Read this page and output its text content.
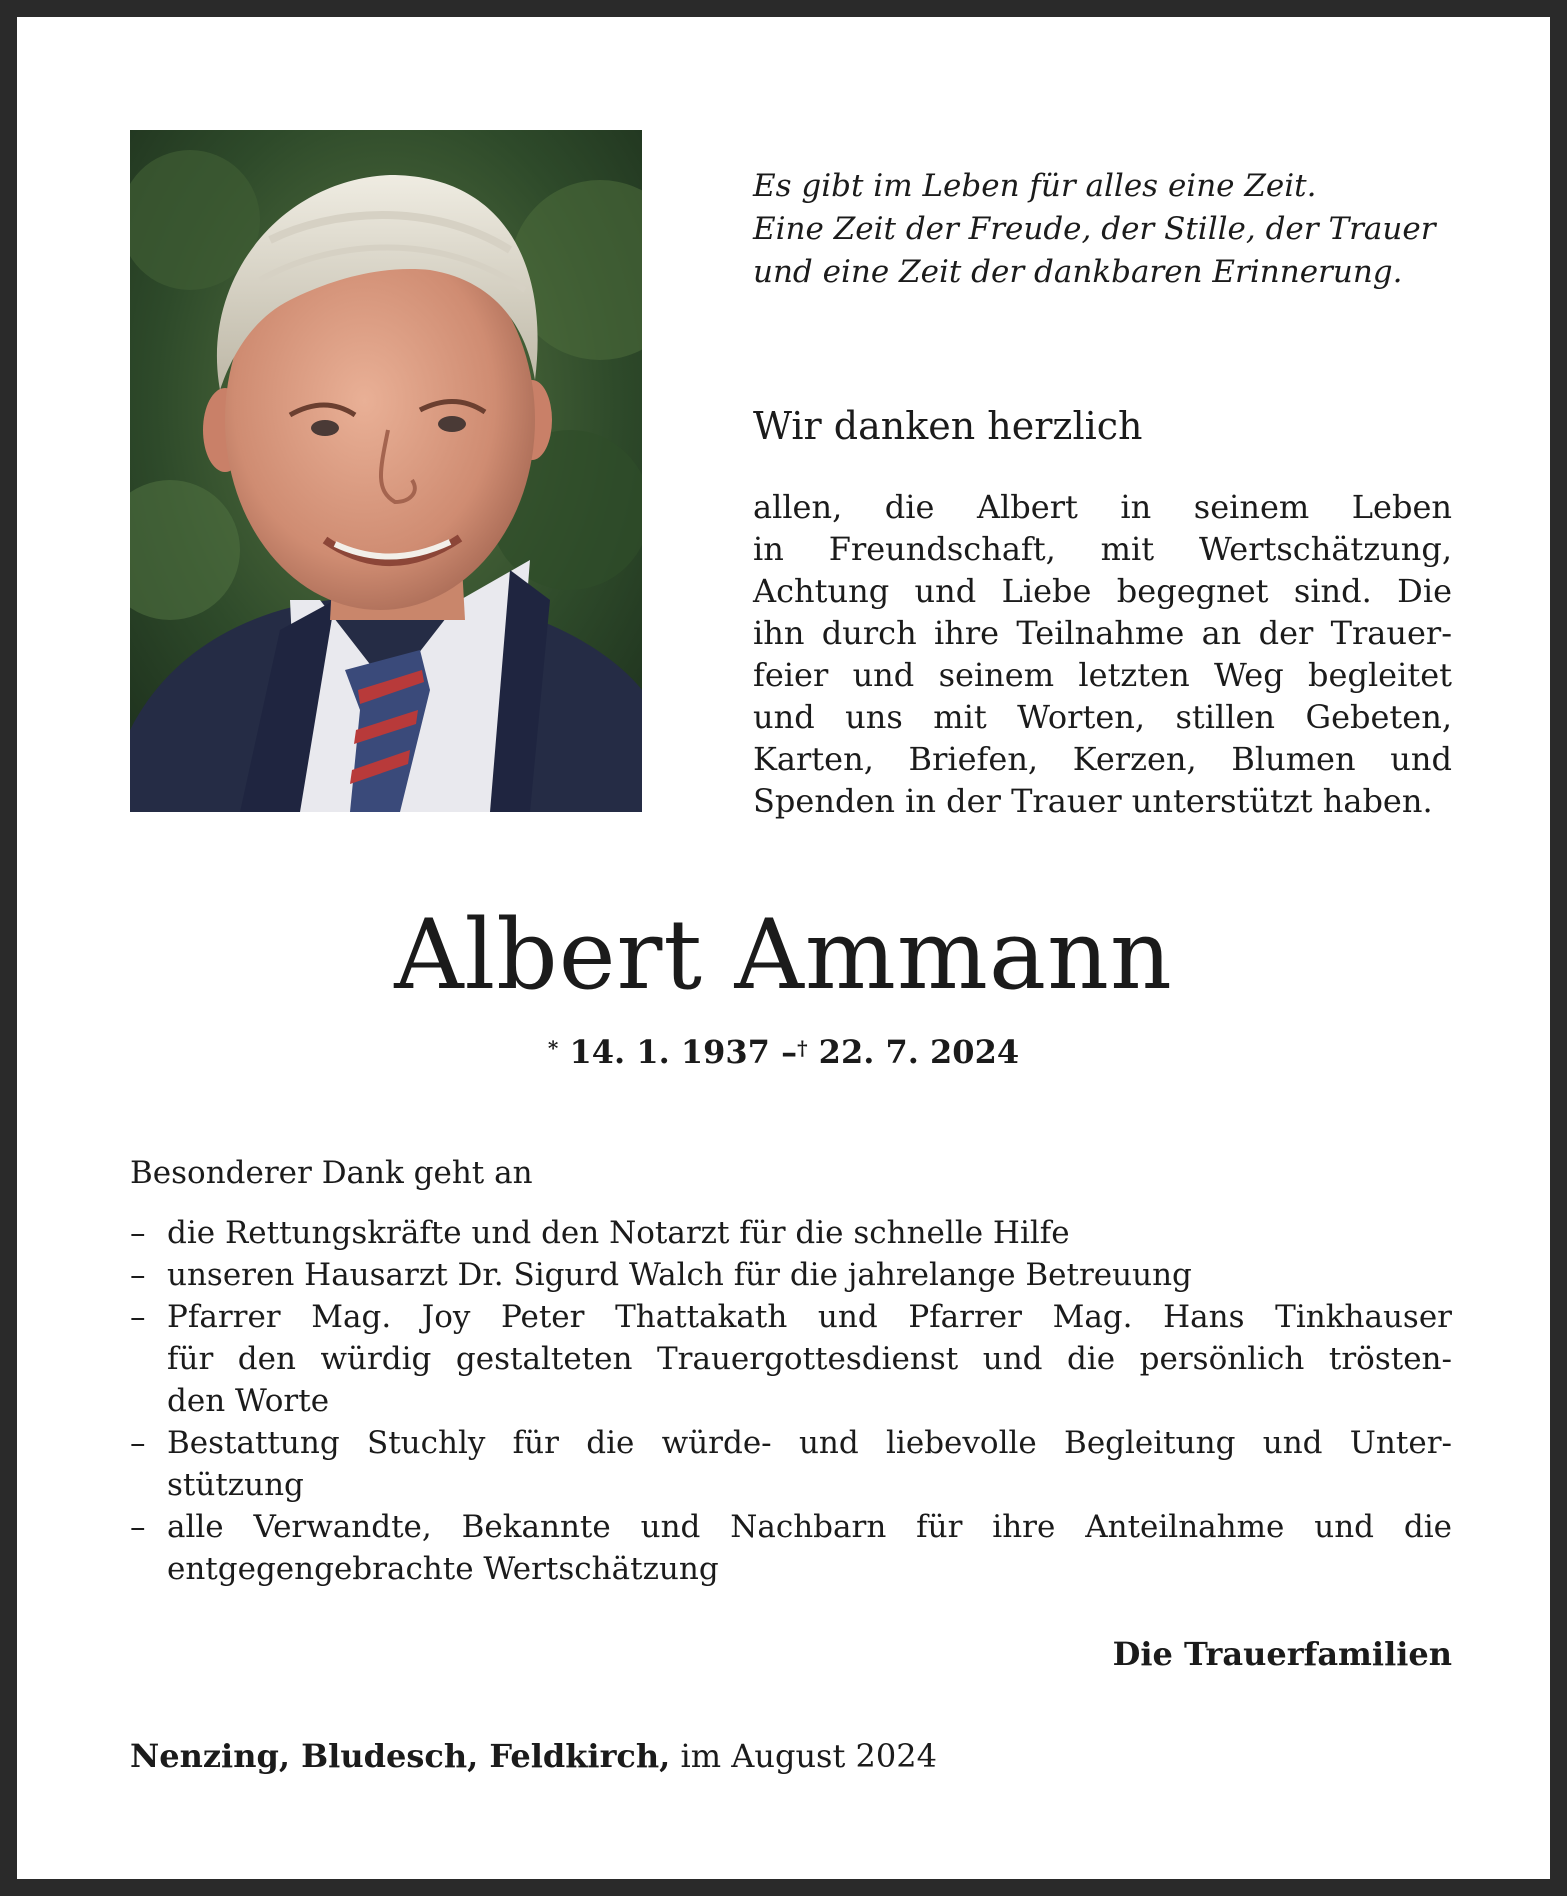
Es gibt im Leben für alles eine Zeit.
Eine Zeit der Freude, der Stille, der Trauer
und eine Zeit der dankbaren Erinnerung.
Wir danken herzlich
allen, die Albert in seinem Leben
in Freundschaft, mit Wertschätzung,
Achtung und Liebe begegnet sind. Die
ihn durch ihre Teilnahme an der Trauer-
feier und seinem letzten Weg begleitet
und uns mit Worten, stillen Gebeten,
Karten, Briefen, Kerzen, Blumen und
Spenden in der Trauer unterstützt haben.
Albert Ammann
* 14. 1. 1937 –† 22. 7. 2024
Besonderer Dank geht an
– die Rettungskräfte und den Notarzt für die schnelle Hilfe
– unseren Hausarzt Dr. Sigurd Walch für die jahrelange Betreuung
– Pfarrer Mag. Joy Peter Thattakath und Pfarrer Mag. Hans Tinkhauser
für den würdig gestalteten Trauergottesdienst und die persönlich trösten-
den Worte
– Bestattung Stuchly für die würde- und liebevolle Begleitung und Unter-
stützung
– alle Verwandte, Bekannte und Nachbarn für ihre Anteilnahme und die
entgegengebrachte Wertschätzung
Die Trauerfamilien
Nenzing, Bludesch, Feldkirch, im August 2024
